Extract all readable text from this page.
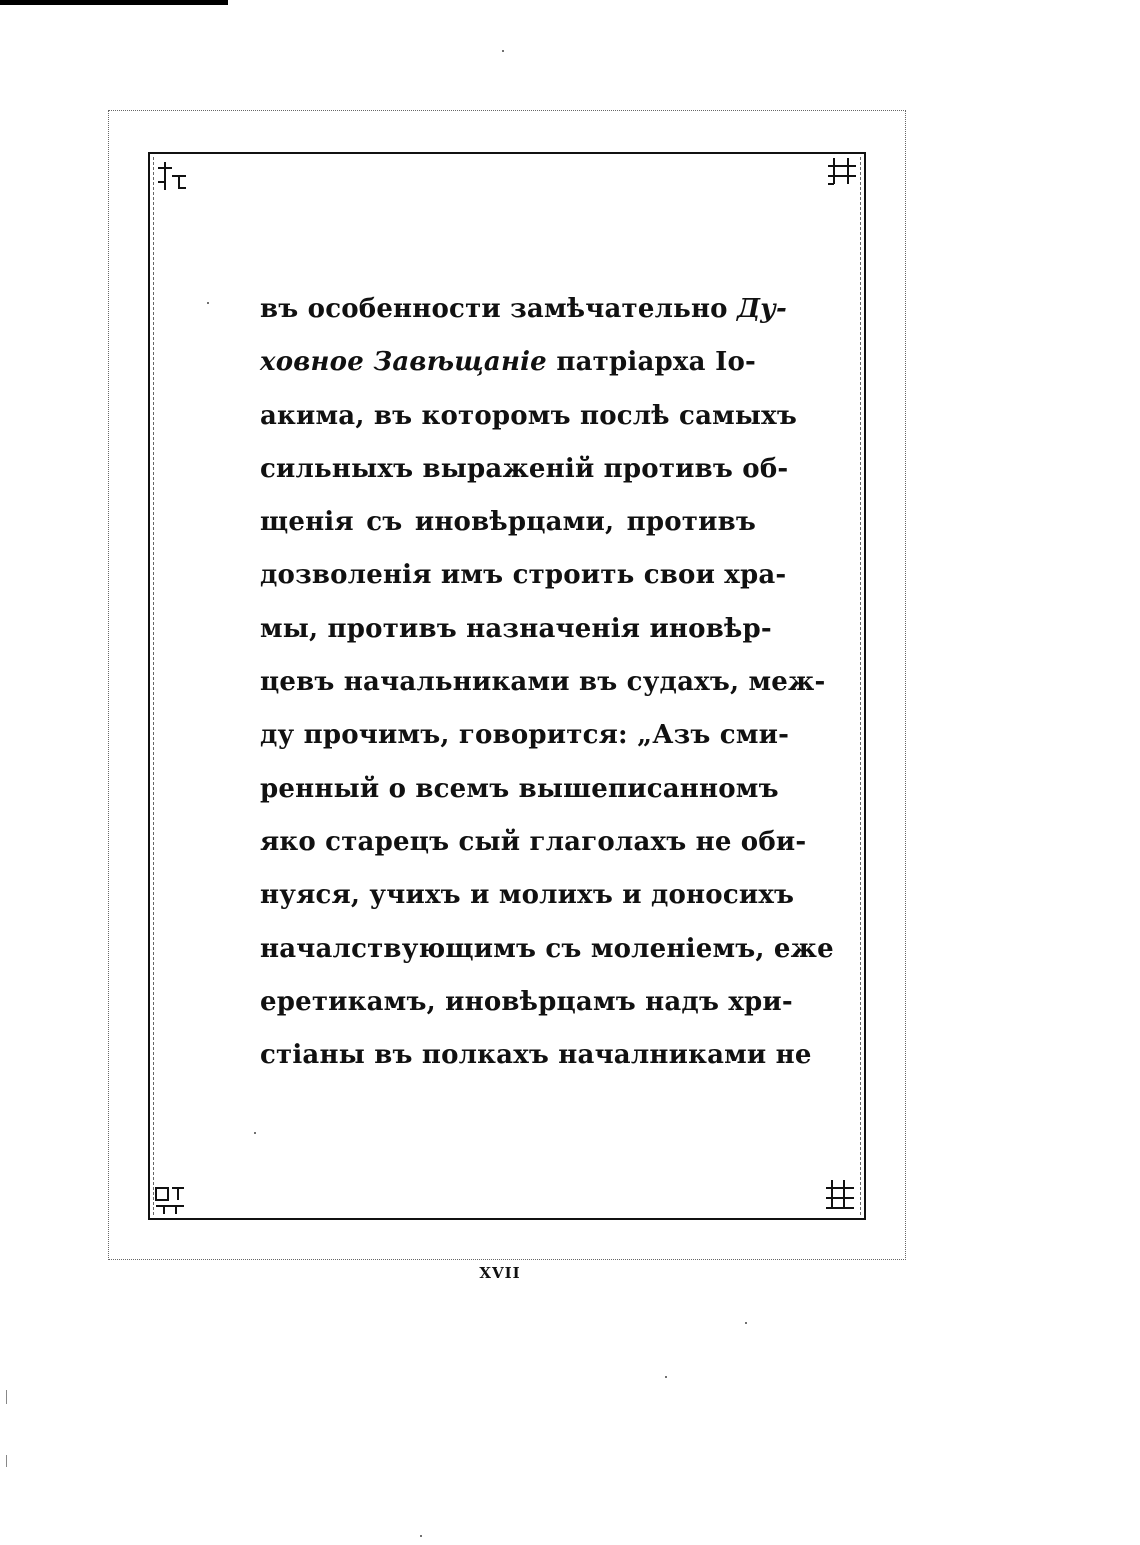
въ особенности замѣчательно Ду-
ховное Завѣщаніе патріарха Іо-
акима, въ которомъ послѣ самыхъ
сильныхъ выраженій противъ об-
щенія съ иновѣрцами, противъ
дозволенія имъ строить свои хра-
мы, противъ назначенія иновѣр-
цевъ начальниками въ судахъ, меж-
ду прочимъ, говорится: „Азъ сми-
ренный о всемъ вышеписанномъ
яко старецъ сый глаголахъ не оби-
нуяся, учихъ и молихъ и доносихъ
началствующимъ съ моленіемъ, еже
еретикамъ, иновѣрцамъ надъ хри-
стіаны въ полкахъ началниками не
XVII
